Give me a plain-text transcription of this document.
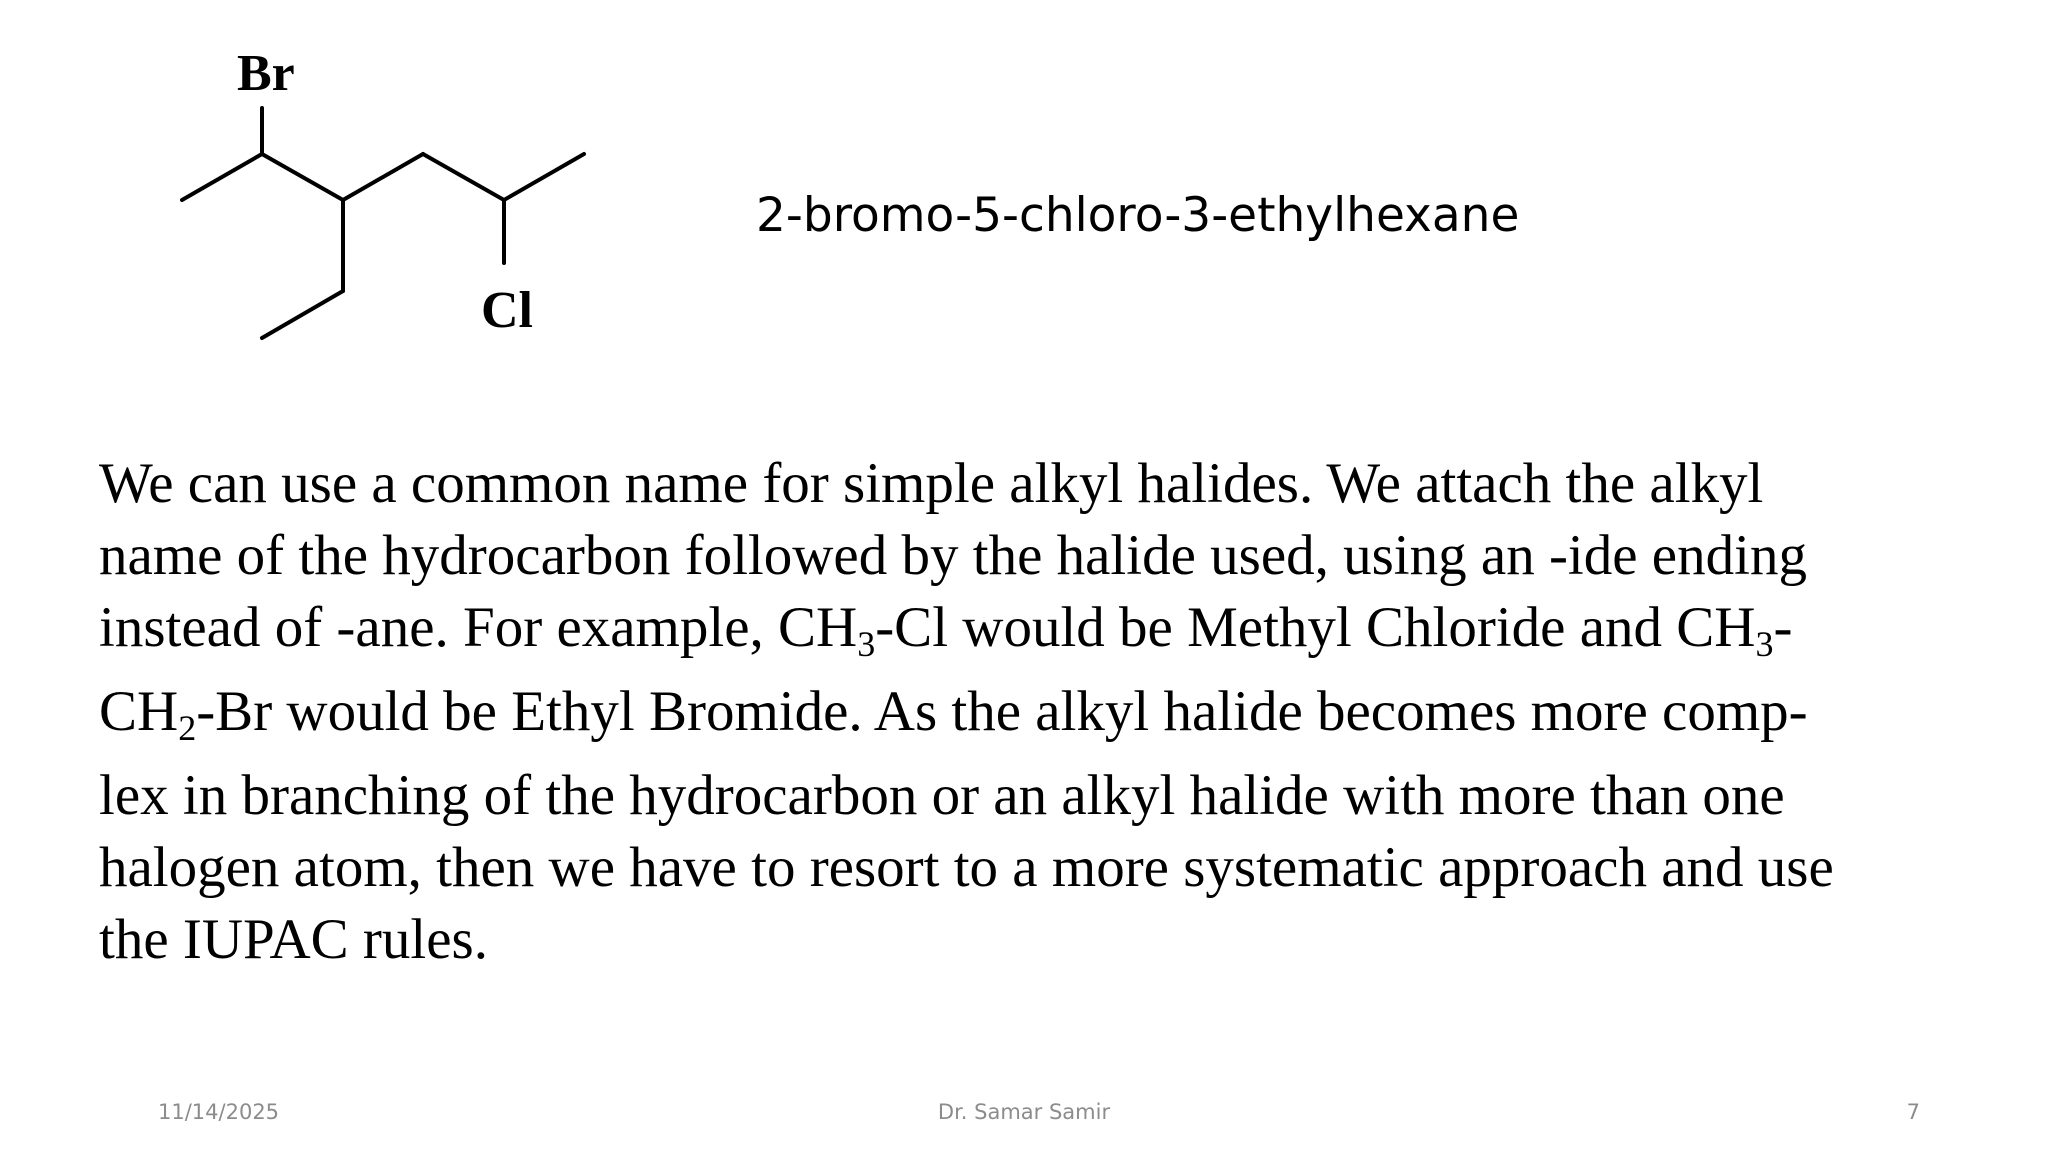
Br
Cl
2-bromo-5-chloro-3-ethylhexane
We can use a common name for simple alkyl halides. We attach the alkyl
name of the hydrocarbon followed by the halide used, using an -ide ending
instead of -ane. For example, $CH_3-Cl$ would be Methyl Chloride and $CH_3-$
$CH_2-Br$ would be Ethyl Bromide. As the alkyl halide becomes more comp-
lex in branching of the hydrocarbon or an alkyl halide with more than one
halogen atom, then we have to resort to a more systematic approach and use
the IUPAC rules.
11/14/2025	Dr. Samar Samir	7
